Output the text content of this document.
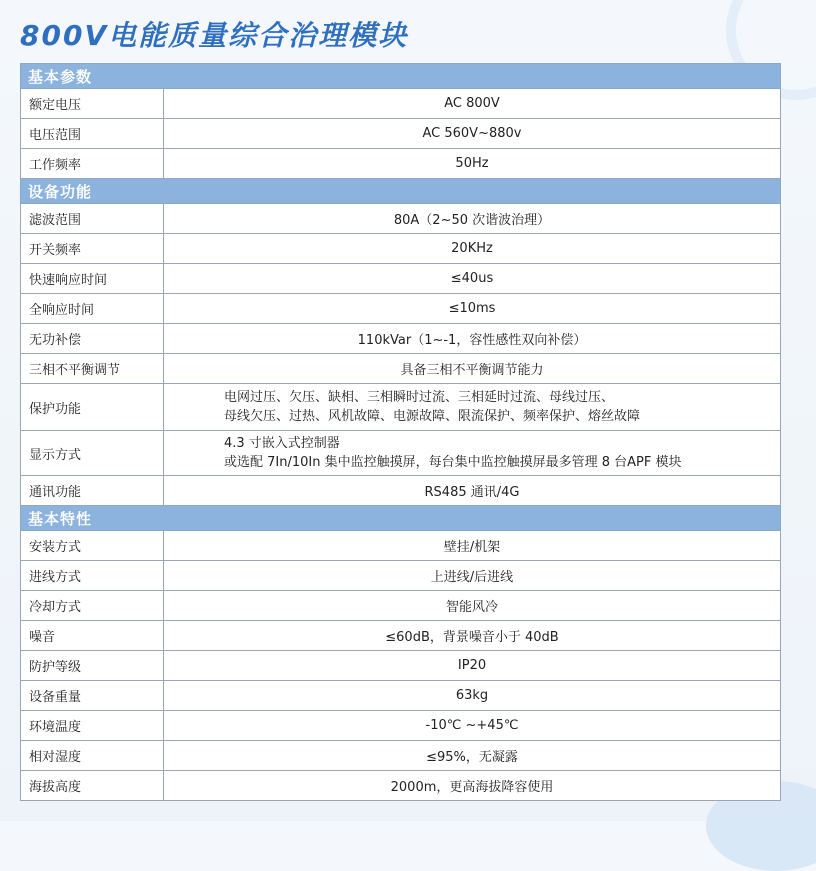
800V电能质量综合治理模块
基本参数	
额定电压	AC 800V
电压范围	AC 560V~880v
工作频率	50Hz
设备功能	
滤波范围	80A（2~50 次谐波治理）
开关频率	20KHz
快速响应时间	≤40us
全响应时间	≤10ms
无功补偿	110kVar（1~-1，容性感性双向补偿）
三相不平衡调节	具备三相不平衡调节能力
保护功能	电网过压、欠压、缺相、三相瞬时过流、三相延时过流、母线过压、
母线欠压、过热、风机故障、电源故障、限流保护、频率保护、熔丝故障

显示方式	4.3 寸嵌入式控制器
或选配 7In/10In 集中监控触摸屏，每台集中监控触摸屏最多管理 8 台APF 模块

通讯功能	RS485 通讯/4G
基本特性	
安装方式	壁挂/机架
进线方式	上进线/后进线
冷却方式	智能风冷
噪音	≤60dB，背景噪音小于 40dB
防护等级	IP20
设备重量	63kg
环境温度	-10℃ ~+45℃
相对湿度	≤95%，无凝露
海拔高度	2000m，更高海拔降容使用
